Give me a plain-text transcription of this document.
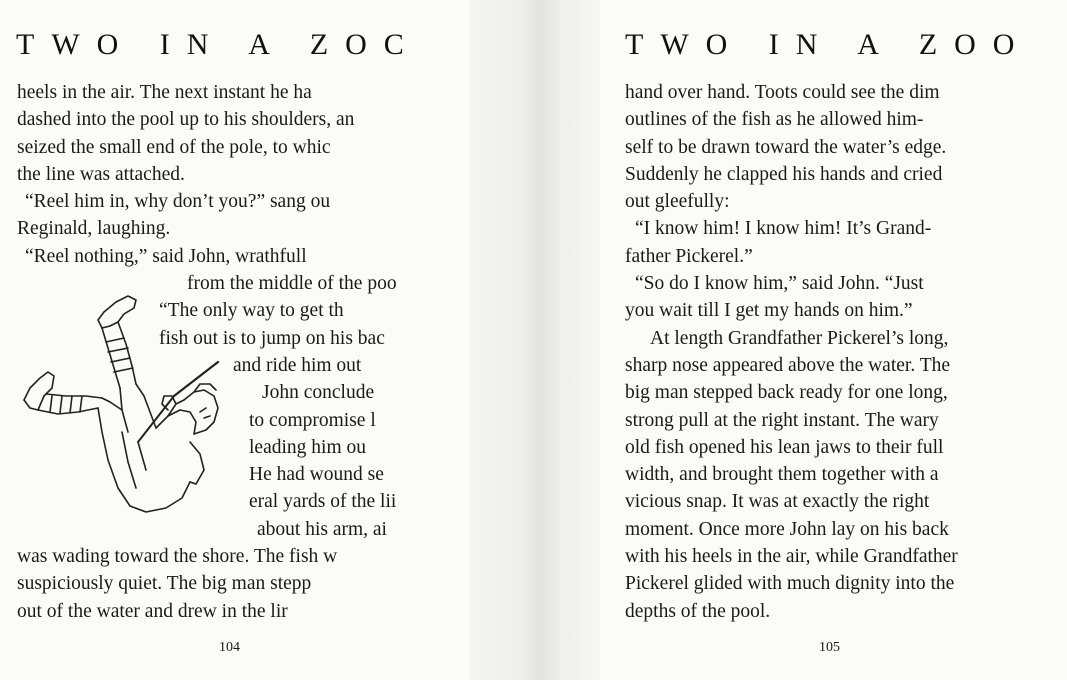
TWO IN A ZOC
heels in the air. The next instant he ha
dashed into the pool up to his shoulders, an
seized the small end of the pole, to whic
the line was attached.
“Reel him in, why don’t you?” sang ou
Reginald, laughing.
“Reel nothing,” said John, wrathfull
from the middle of the poo
“The only way to get th
fish out is to jump on his bac
and ride him out
John conclude
to compromise l
leading him ou
He had wound se
eral yards of the lii
about his arm, ai
was wading toward the shore. The fish w
suspiciously quiet. The big man stepp
out of the water and drew in the lir
104
TWO IN A ZOO
hand over hand. Toots could see the dim
outlines of the fish as he allowed him-
self to be drawn toward the water’s edge.
Suddenly he clapped his hands and cried
out gleefully:
“I know him! I know him! It’s Grand-
father Pickerel.”
“So do I know him,” said John. “Just
you wait till I get my hands on him.”
At length Grandfather Pickerel’s long,
sharp nose appeared above the water. The
big man stepped back ready for one long,
strong pull at the right instant. The wary
old fish opened his lean jaws to their full
width, and brought them together with a
vicious snap. It was at exactly the right
moment. Once more John lay on his back
with his heels in the air, while Grandfather
Pickerel glided with much dignity into the
depths of the pool.
105
